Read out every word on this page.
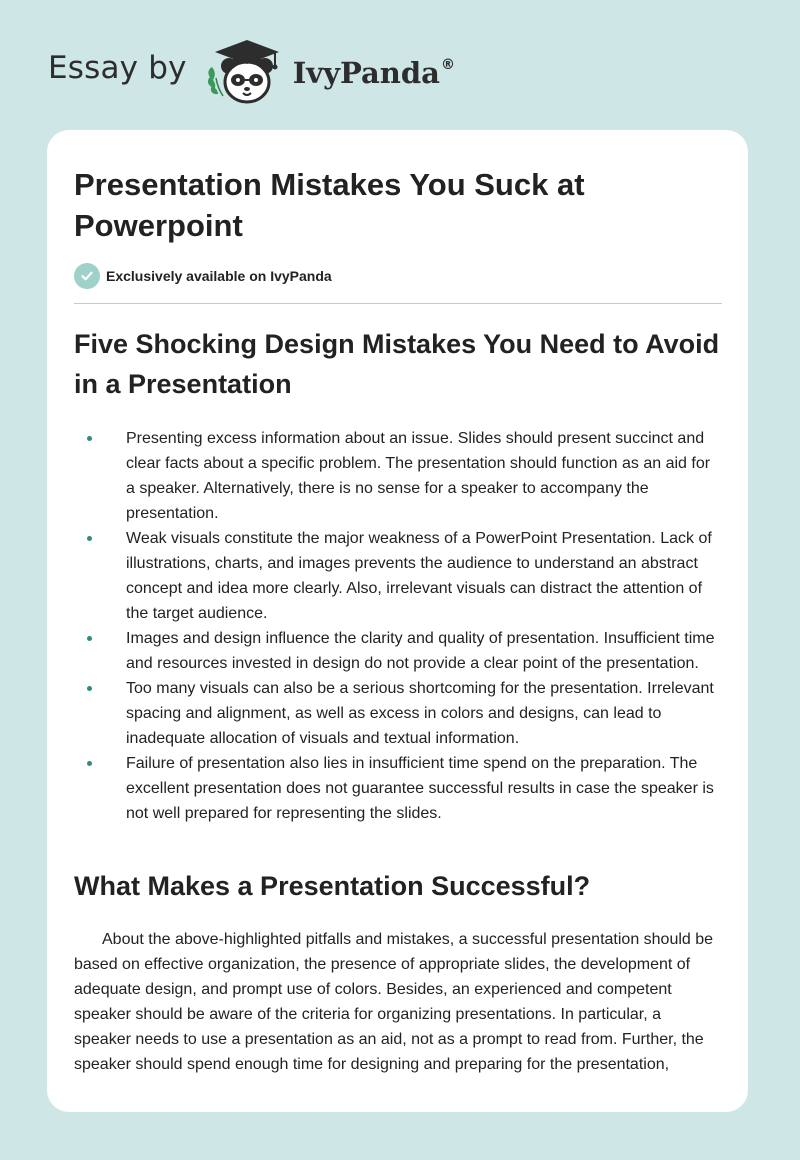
Essay by	IvyPanda®
Presentation Mistakes You Suck at Powerpoint
Exclusively available on IvyPanda
Five Shocking Design Mistakes You Need to Avoid in a Presentation
Presenting excess information about an issue. Slides should present succinct and clear facts about a specific problem. The presentation should function as an aid for a speaker. Alternatively, there is no sense for a speaker to accompany the presentation.
Weak visuals constitute the major weakness of a PowerPoint Presentation. Lack of illustrations, charts, and images prevents the audience to understand an abstract concept and idea more clearly. Also, irrelevant visuals can distract the attention of the target audience.
Images and design influence the clarity and quality of presentation. Insufficient time and resources invested in design do not provide a clear point of the presentation.
Too many visuals can also be a serious shortcoming for the presentation. Irrelevant spacing and alignment, as well as excess in colors and designs, can lead to inadequate allocation of visuals and textual information.
Failure of presentation also lies in insufficient time spend on the preparation. The excellent presentation does not guarantee successful results in case the speaker is not well prepared for representing the slides.
What Makes a Presentation Successful?

About the above-highlighted pitfalls and mistakes, a successful presentation should be based on effective organization, the presence of appropriate slides, the development of adequate design, and prompt use of colors. Besides, an experienced and competent speaker should be aware of the criteria for organizing presentations. In particular, a speaker needs to use a presentation as an aid, not as a prompt to read from. Further, the speaker should spend enough time for designing and preparing for the presentation,
